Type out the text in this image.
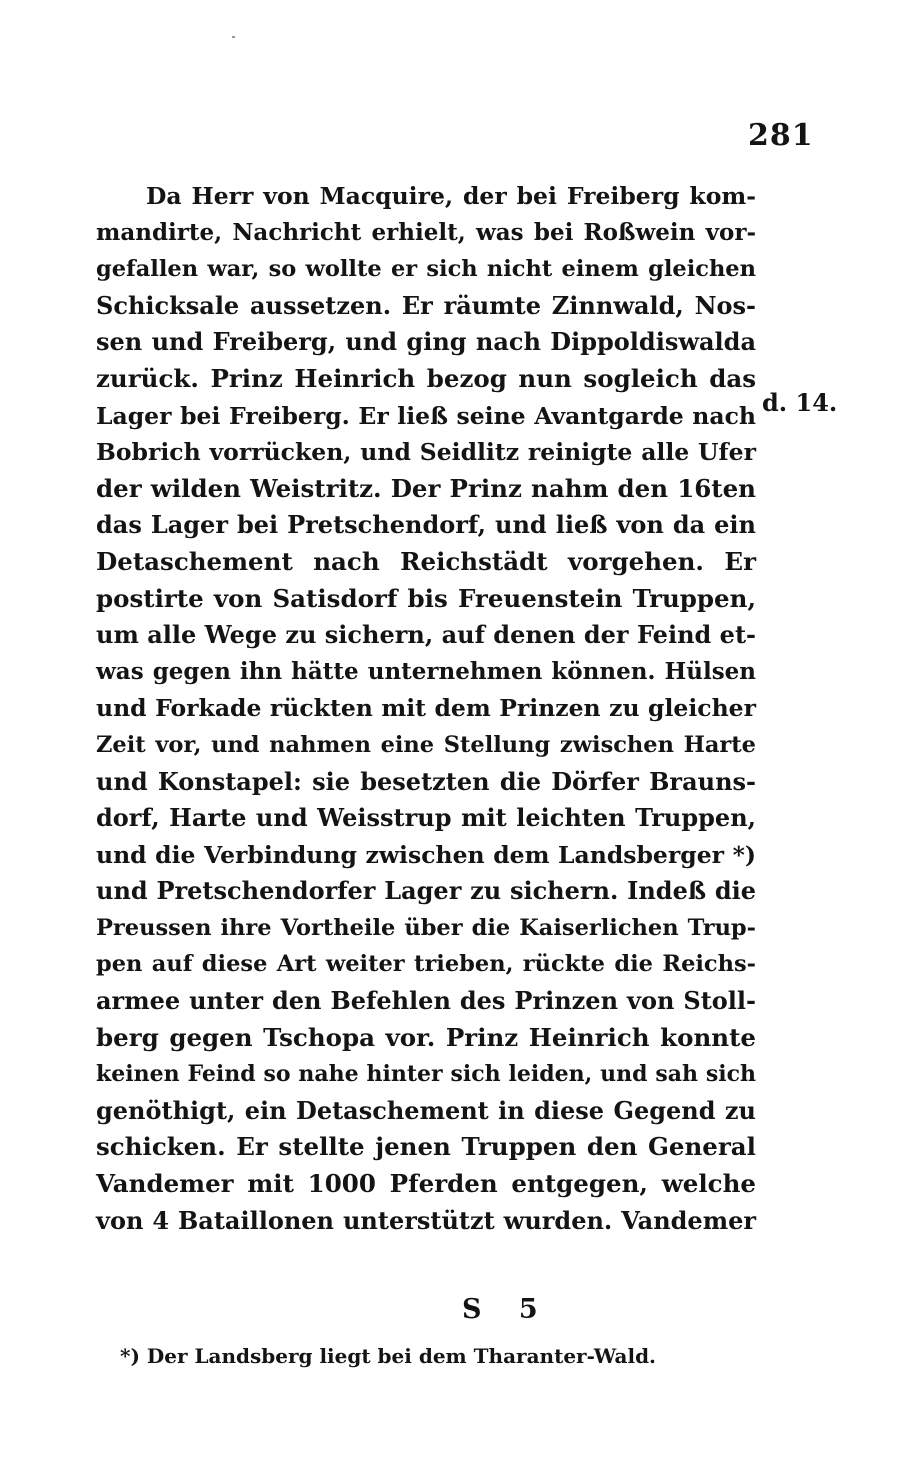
281
Da Herr von Macquire, der bei Freiberg kom-
mandirte, Nachricht erhielt, was bei Roßwein vor-
gefallen war, so wollte er sich nicht einem gleichen
Schicksale aussetzen. Er räumte Zinnwald, Nos-
sen und Freiberg, und ging nach Dippoldiswalda
zurück. Prinz Heinrich bezog nun sogleich das
Lager bei Freiberg. Er ließ seine Avantgarde nach
Bobrich vorrücken, und Seidlitz reinigte alle Ufer
der wilden Weistritz. Der Prinz nahm den 16ten
das Lager bei Pretschendorf, und ließ von da ein
Detaschement nach Reichstädt vorgehen. Er
postirte von Satisdorf bis Freuenstein Truppen,
um alle Wege zu sichern, auf denen der Feind et-
was gegen ihn hätte unternehmen können. Hülsen
und Forkade rückten mit dem Prinzen zu gleicher
Zeit vor, und nahmen eine Stellung zwischen Harte
und Konstapel: sie besetzten die Dörfer Brauns-
dorf, Harte und Weisstrup mit leichten Truppen,
und die Verbindung zwischen dem Landsberger *)
und Pretschendorfer Lager zu sichern. Indeß die
Preussen ihre Vortheile über die Kaiserlichen Trup-
pen auf diese Art weiter trieben, rückte die Reichs-
armee unter den Befehlen des Prinzen von Stoll-
berg gegen Tschopa vor. Prinz Heinrich konnte
keinen Feind so nahe hinter sich leiden, und sah sich
genöthigt, ein Detaschement in diese Gegend zu
schicken. Er stellte jenen Truppen den General
Vandemer mit 1000 Pferden entgegen, welche
von 4 Bataillonen unterstützt wurden. Vandemer
d. 14.
S 5
*) Der Landsberg liegt bei dem Tharanter-Wald.
